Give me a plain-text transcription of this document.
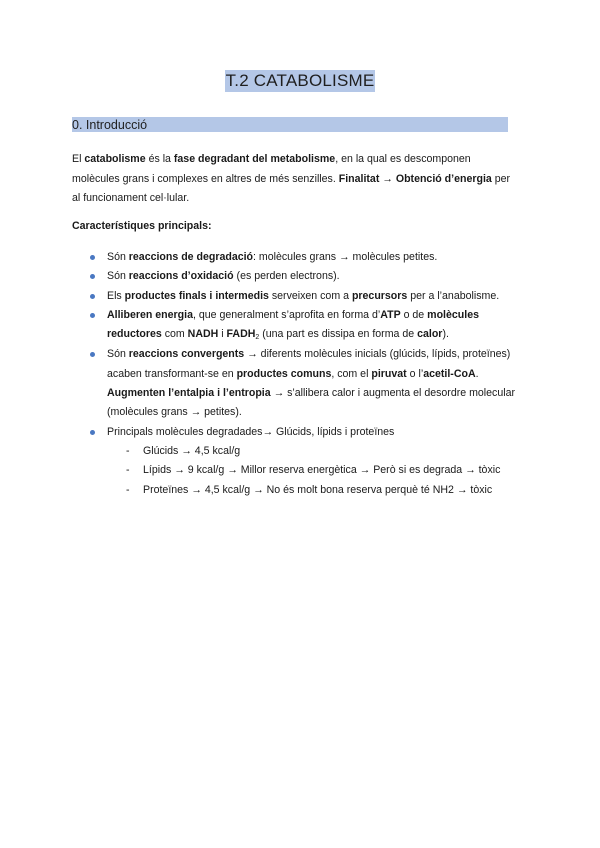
T.2 CATABOLISME
0. Introducció
El catabolisme és la fase degradant del metabolisme, en la qual es descomponen molècules grans i complexes en altres de més senzilles. Finalitat → Obtenció d’energia per al funcionament cel·lular.
Característiques principals:
Són reaccions de degradació: molècules grans → molècules petites.
Són reaccions d’oxidació (es perden electrons).
Els productes finals i intermedis serveixen com a precursors per a l’anabolisme.
Alliberen energia, que generalment s’aprofita en forma d’ATP o de molècules reductores com NADH i $FADH_2$ (una part es dissipa en forma de calor).
Són reaccions convergents → diferents molècules inicials (glúcids, lípids, proteïnes) acaben transformant-se en productes comuns, com el piruvat o l’acetil-CoA.
Augmenten l’entalpia i l’entropia → s’allibera calor i augmenta el desordre molecular (molècules grans → petites).
Principals molècules degradades→ Glúcids, lípids i proteïnes
- Glúcids → 4,5 kcal/g
- Lípids → 9 kcal/g → Millor reserva energètica → Però si es degrada → tòxic
- Proteïnes → 4,5 kcal/g → No és molt bona reserva perquè té NH2 → tòxic
